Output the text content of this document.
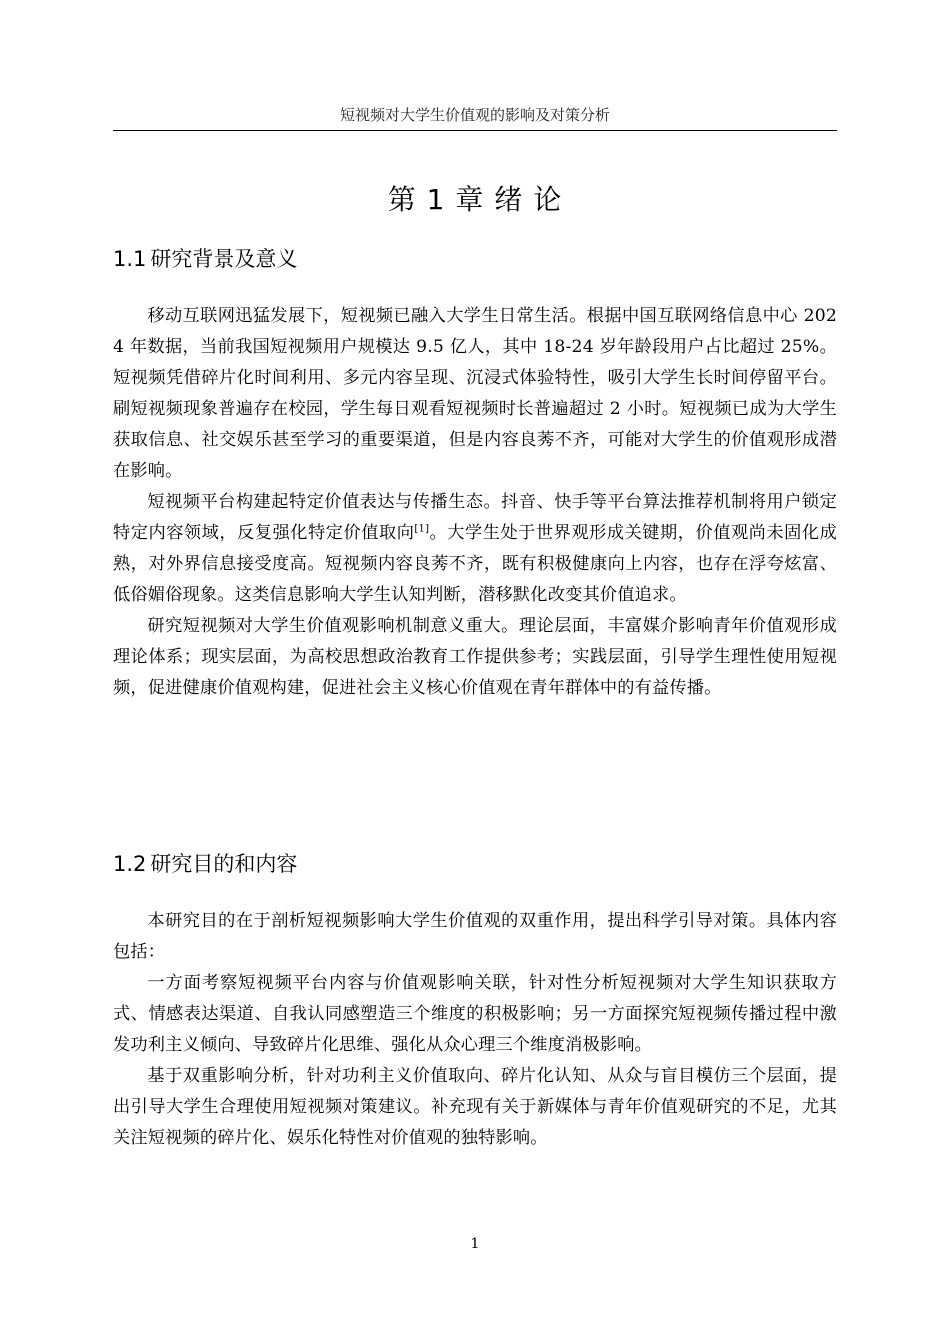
短视频对大学生价值观的影响及对策分析
第 1 章 绪 论
1.1 研究背景及意义

移动互联网迅猛发展下，短视频已融入大学生日常生活。根据中国互联网络信息中心 2024 年数据，当前我国短视频用户规模达 9.5 亿人，其中 18-24 岁年龄段用户占比超过 25%。短视频凭借碎片化时间利用、多元内容呈现、沉浸式体验特性，吸引大学生长时间停留平台。刷短视频现象普遍存在校园，学生每日观看短视频时长普遍超过 2 小时。短视频已成为大学生获取信息、社交娱乐甚至学习的重要渠道，但是内容良莠不齐，可能对大学生的价值观形成潜在影响。

短视频平台构建起特定价值表达与传播生态。抖音、快手等平台算法推荐机制将用户锁定特定内容领域，反复强化特定价值取向[1]。大学生处于世界观形成关键期，价值观尚未固化成熟，对外界信息接受度高。短视频内容良莠不齐，既有积极健康向上内容，也存在浮夸炫富、低俗媚俗现象。这类信息影响大学生认知判断，潜移默化改变其价值追求。

研究短视频对大学生价值观影响机制意义重大。理论层面，丰富媒介影响青年价值观形成理论体系；现实层面，为高校思想政治教育工作提供参考；实践层面，引导学生理性使用短视频，促进健康价值观构建，促进社会主义核心价值观在青年群体中的有益传播。

1.2 研究目的和内容

本研究目的在于剖析短视频影响大学生价值观的双重作用，提出科学引导对策。具体内容包括：

一方面考察短视频平台内容与价值观影响关联，针对性分析短视频对大学生知识获取方式、情感表达渠道、自我认同感塑造三个维度的积极影响；另一方面探究短视频传播过程中激发功利主义倾向、导致碎片化思维、强化从众心理三个维度消极影响。

基于双重影响分析，针对功利主义价值取向、碎片化认知、从众与盲目模仿三个层面，提出引导大学生合理使用短视频对策建议。补充现有关于新媒体与青年价值观研究的不足，尤其关注短视频的碎片化、娱乐化特性对价值观的独特影响。

1
